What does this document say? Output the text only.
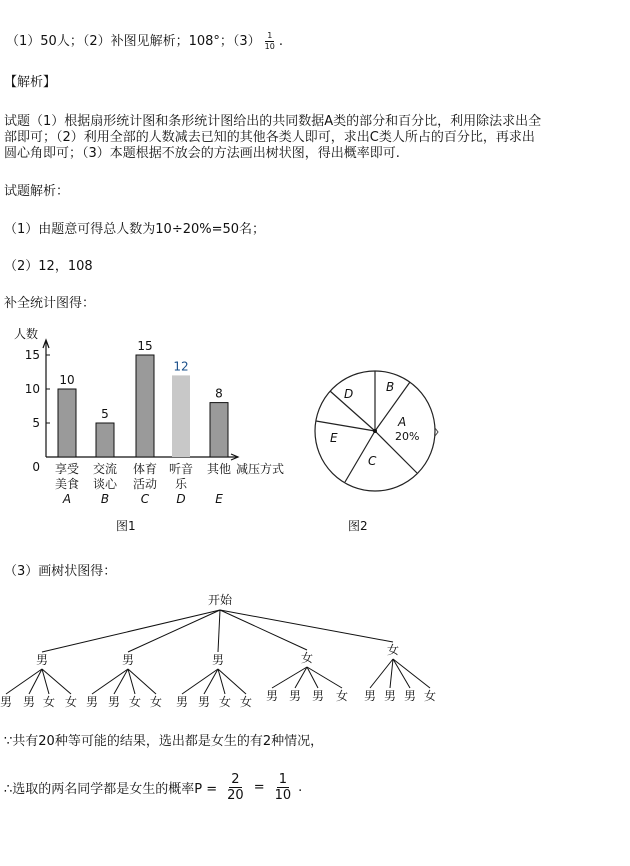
（1）50人；（2）补图见解析；108°；$(3) \frac{1}{10}$ .
【解析】
试题（1）根据扇形统计图和条形统计图给出的共同数据A类的部分和百分比，利用除法求出全
部即可；（2）利用全部的人数减去已知的其他各类人即可，求出C类人所占的百分比，再求出
圆心角即可；（3）本题根据不放会的方法画出树状图，得出概率即可.
试题解析：
（1）由题意可得总人数为10÷20%=50名；
（2）12，108
补全统计图得：
人数
减压方式
0
5
10
15
10
享受
美食
A
5
交流
谈心
B
15
体育
活动
C
12
听音
乐
D
8
其他
E
图1
D	B
A
20%
E
C
图2
（3）画树状图得：
开始
男
男 男 女 女
男
男 男 女 女
男
男 男 女 女
女
男 男 男 女
女
男 男 男 女
∵共有20种等可能的结果，选出都是女生的有2种情况，
∴选取的两名同学都是女生的概率$P = \frac{2}{20} = \frac{1}{10}$ .
